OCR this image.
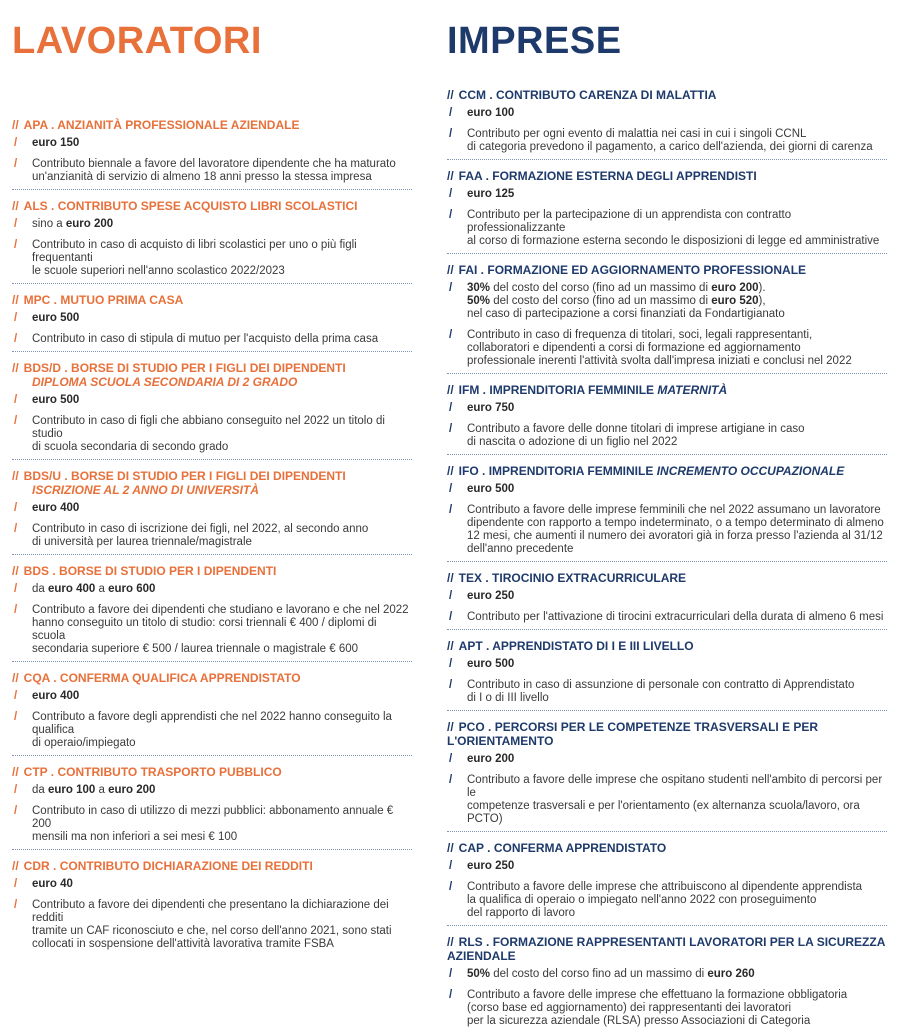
LAVORATORI
// APA . ANZIANITÀ PROFESSIONALE AZIENDALE
/ euro 150
/ Contributo biennale a favore del lavoratore dipendente che ha maturato
un'anzianità di servizio di almeno 18 anni presso la stessa impresa
// ALS . CONTRIBUTO SPESE ACQUISTO LIBRI SCOLASTICI
/ sino a euro 200
/ Contributo in caso di acquisto di libri scolastici per uno o più figli frequentanti
le scuole superiori nell'anno scolastico 2022/2023
// MPC . MUTUO PRIMA CASA
/ euro 500
/ Contributo in caso di stipula di mutuo per l'acquisto della prima casa
// BDS/D . BORSE DI STUDIO PER I FIGLI DEI DIPENDENTI
DIPLOMA SCUOLA SECONDARIA DI 2 GRADO
/ euro 500
/ Contributo in caso di figli che abbiano conseguito nel 2022 un titolo di studio
di scuola secondaria di secondo grado
// BDS/U . BORSE DI STUDIO PER I FIGLI DEI DIPENDENTI
ISCRIZIONE AL 2 ANNO DI UNIVERSITÀ
/ euro 400
/ Contributo in caso di iscrizione dei figli, nel 2022, al secondo anno
di università per laurea triennale/magistrale
// BDS . BORSE DI STUDIO PER I DIPENDENTI
/ da euro 400 a euro 600
/ Contributo a favore dei dipendenti che studiano e lavorano e che nel 2022
hanno conseguito un titolo di studio: corsi triennali € 400 / diplomi di scuola
secondaria superiore € 500 / laurea triennale o magistrale € 600
// CQA . CONFERMA QUALIFICA APPRENDISTATO
/ euro 400
/ Contributo a favore degli apprendisti che nel 2022 hanno conseguito la qualifica
di operaio/impiegato
// CTP . CONTRIBUTO TRASPORTO PUBBLICO
/ da euro 100 a euro 200
/ Contributo in caso di utilizzo di mezzi pubblici: abbonamento annuale € 200
mensili ma non inferiori a sei mesi € 100
// CDR . CONTRIBUTO DICHIARAZIONE DEI REDDITI
/ euro 40
/ Contributo a favore dei dipendenti che presentano la dichiarazione dei redditi
tramite un CAF riconosciuto e che, nel corso dell'anno 2021, sono stati
collocati in sospensione dell'attività lavorativa tramite FSBA
IMPRESE
// CCM . CONTRIBUTO CARENZA DI MALATTIA
/ euro 100
/ Contributo per ogni evento di malattia nei casi in cui i singoli CCNL
di categoria prevedono il pagamento, a carico dell'azienda, dei giorni di carenza
// FAA . FORMAZIONE ESTERNA DEGLI APPRENDISTI
/ euro 125
/ Contributo per la partecipazione di un apprendista con contratto professionalizzante
al corso di formazione esterna secondo le disposizioni di legge ed amministrative
// FAI . FORMAZIONE ED AGGIORNAMENTO PROFESSIONALE
/ 30% del costo del corso (fino ad un massimo di euro 200).
50% del costo del corso (fino ad un massimo di euro 520),
nel caso di partecipazione a corsi finanziati da Fondartigianato
/ Contributo in caso di frequenza di titolari, soci, legali rappresentanti,
collaboratori e dipendenti a corsi di formazione ed aggiornamento
professionale inerenti l'attività svolta dall'impresa iniziati e conclusi nel 2022
// IFM . IMPRENDITORIA FEMMINILE MATERNITÀ
/ euro 750
/ Contributo a favore delle donne titolari di imprese artigiane in caso
di nascita o adozione di un figlio nel 2022
// IFO . IMPRENDITORIA FEMMINILE INCREMENTO OCCUPAZIONALE
/ euro 500
/ Contributo a favore delle imprese femminili che nel 2022 assumano un lavoratore
dipendente con rapporto a tempo indeterminato, o a tempo determinato di almeno
12 mesi, che aumenti il numero dei avoratori già in forza presso l'azienda al 31/12
dell'anno precedente
// TEX . TIROCINIO EXTRACURRICULARE
/ euro 250
/ Contributo per l'attivazione di tirocini extracurriculari della durata di almeno 6 mesi
// APT . APPRENDISTATO DI I E III LIVELLO
/ euro 500
/ Contributo in caso di assunzione di personale con contratto di Apprendistato
di I o di III livello
// PCO . PERCORSI PER LE COMPETENZE TRASVERSALI E PER L'ORIENTAMENTO
/ euro 200
/ Contributo a favore delle imprese che ospitano studenti nell'ambito di percorsi per le
competenze trasversali e per l'orientamento (ex alternanza scuola/lavoro, ora PCTO)
// CAP . CONFERMA APPRENDISTATO
/ euro 250
/ Contributo a favore delle imprese che attribuiscono al dipendente apprendista
la qualifica di operaio o impiegato nell'anno 2022 con proseguimento
del rapporto di lavoro
// RLS . FORMAZIONE RAPPRESENTANTI LAVORATORI PER LA SICUREZZA AZIENDALE
/ 50% del costo del corso fino ad un massimo di euro 260
/ Contributo a favore delle imprese che effettuano la formazione obbligatoria
(corso base ed aggiornamento) dei rappresentanti dei lavoratori
per la sicurezza aziendale (RLSA) presso Associazioni di Categoria
